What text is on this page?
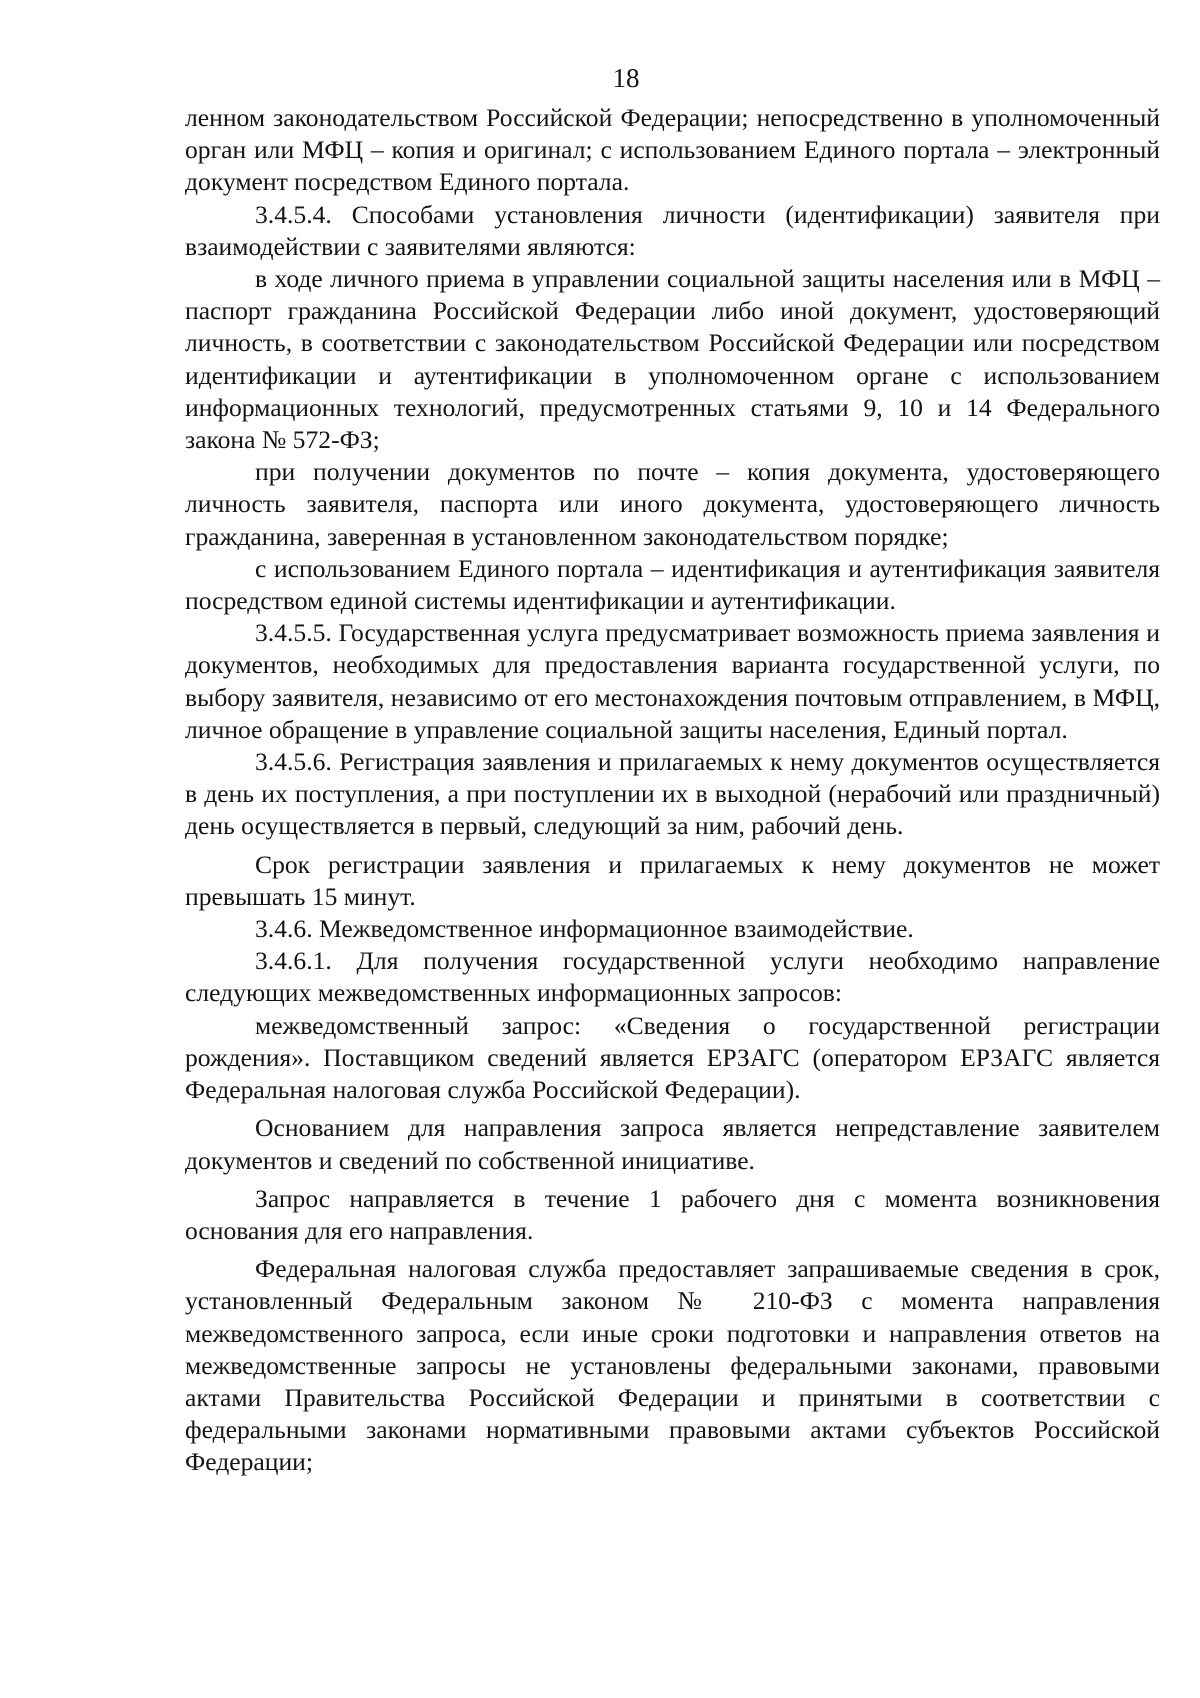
18

ленном законодательством Российской Федерации; непосредственно в уполномоченный орган или МФЦ – копия и оригинал; с использованием Единого портала – электронный документ посредством Единого портала.

3.4.5.4. Способами установления личности (идентификации) заявителя при взаимодействии с заявителями являются:

в ходе личного приема в управлении социальной защиты населения или в МФЦ – паспорт гражданина Российской Федерации либо иной документ, удостоверяющий личность, в соответствии с законодательством Российской Федерации или посредством идентификации и аутентификации в уполномоченном органе с использованием информационных технологий, предусмотренных статьями 9, 10 и 14 Федерального закона № 572-ФЗ;

при получении документов по почте – копия документа, удостоверяющего личность заявителя, паспорта или иного документа, удостоверяющего личность гражданина, заверенная в установленном законодательством порядке;

с использованием Единого портала – идентификация и аутентификация заявителя посредством единой системы идентификации и аутентификации.

3.4.5.5. Государственная услуга предусматривает возможность приема заявления и документов, необходимых для предоставления варианта государственной услуги, по выбору заявителя, независимо от его местонахождения почтовым отправлением, в МФЦ, личное обращение в управление социальной защиты населения, Единый портал.

3.4.5.6. Регистрация заявления и прилагаемых к нему документов осуществляется в день их поступления, а при поступлении их в выходной (нерабочий или праздничный) день осуществляется в первый, следующий за ним, рабочий день.

Срок регистрации заявления и прилагаемых к нему документов не может превышать 15 минут.

3.4.6. Межведомственное информационное взаимодействие.

3.4.6.1. Для получения государственной услуги необходимо направление следующих межведомственных информационных запросов:

межведомственный запрос: «Сведения о государственной регистрации рождения». Поставщиком сведений является ЕРЗАГС (оператором ЕРЗАГС является Федеральная налоговая служба Российской Федерации).

Основанием для направления запроса является непредставление заявителем документов и сведений по собственной инициативе.

Запрос направляется в течение 1 рабочего дня с момента возникновения основания для его направления.

Федеральная налоговая служба предоставляет запрашиваемые сведения в срок, установленный Федеральным законом № 210-ФЗ с момента направления межведомственного запроса, если иные сроки подготовки и направления ответов на межведомственные запросы не установлены федеральными законами, правовыми актами Правительства Российской Федерации и принятыми в соответствии с федеральными законами нормативными правовыми актами субъектов Российской Федерации;
